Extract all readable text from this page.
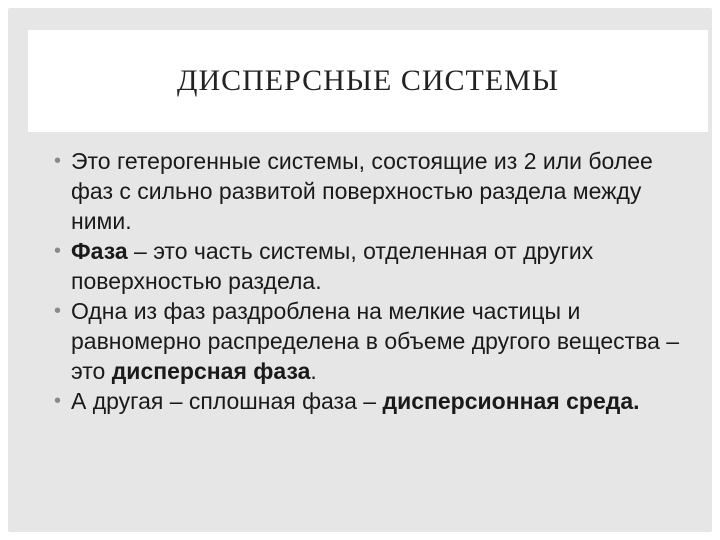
ДИСПЕРСНЫЕ СИСТЕМЫ
• Это гетерогенные системы, состоящие из 2 или более фаз с сильно развитой поверхностью раздела между ними.
• Фаза – это часть системы, отделенная от других поверхностью раздела.
• Одна из фаз раздроблена на мелкие частицы и равномерно распределена в объеме другого вещества – это дисперсная фаза.
• А другая – сплошная фаза – дисперсионная среда.
